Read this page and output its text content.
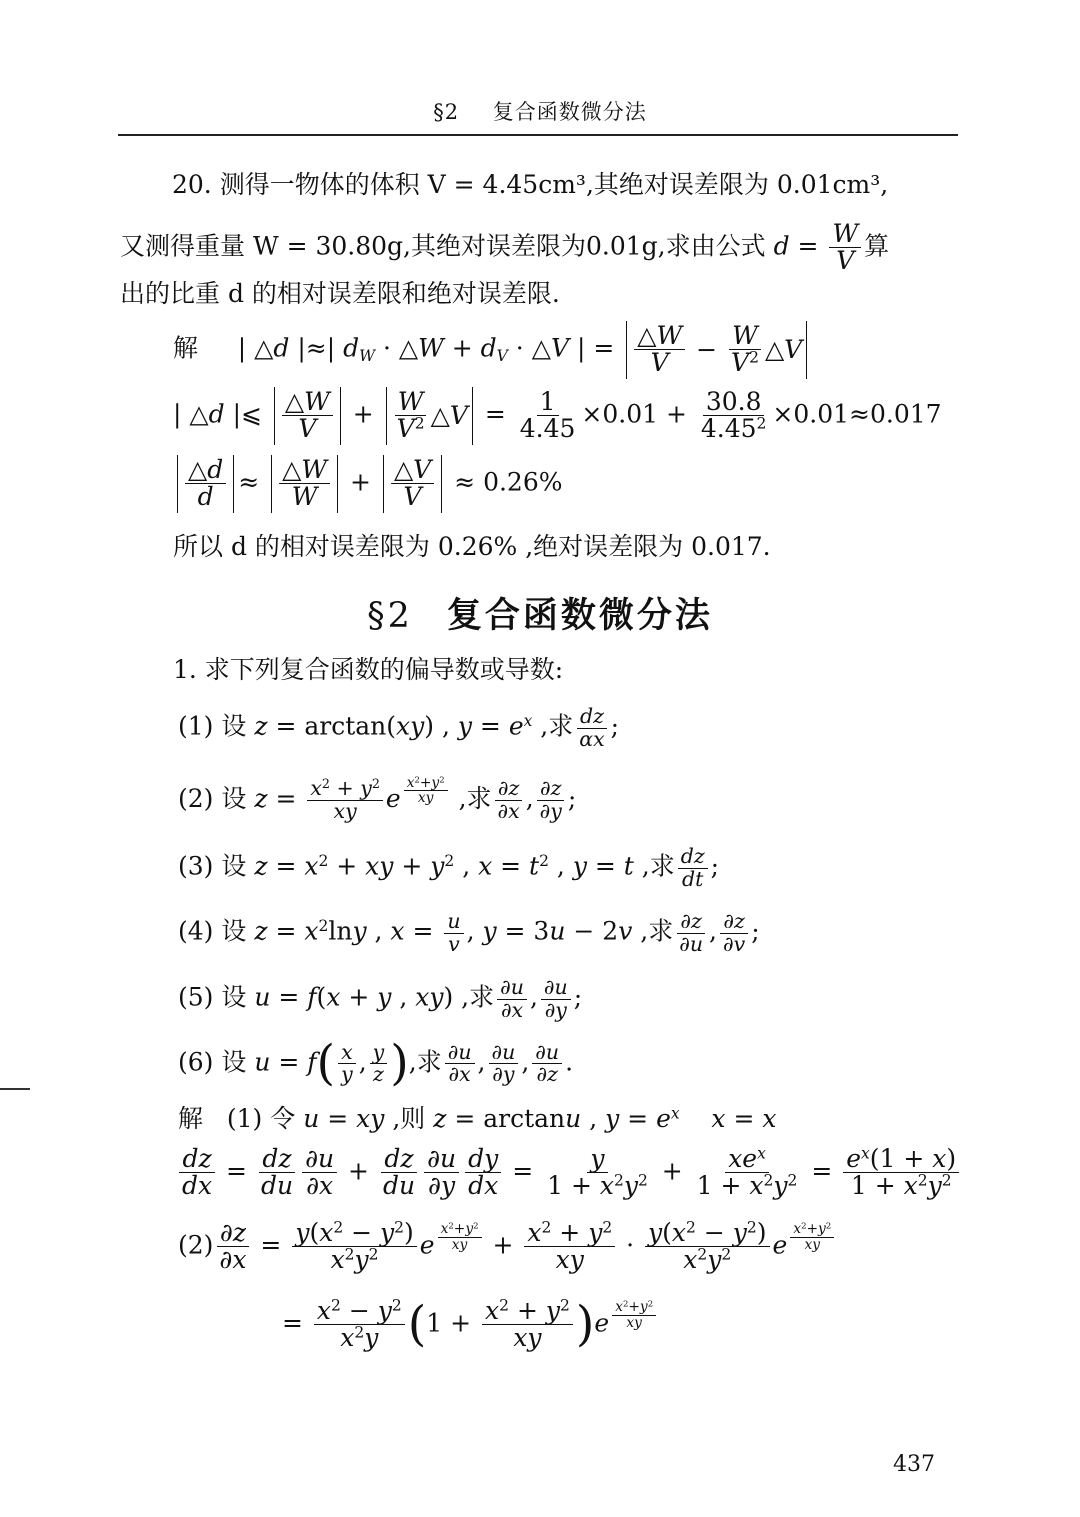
§2 复合函数微分法
20. 测得一物体的体积 V = 4.45cm³,其绝对误差限为 0.01cm³,
又测得重量 W = 30.80g,其绝对误差限为0.01g,求由公式 $d = \frac{W}{V}$ 算
出的比重 d 的相对误差限和绝对误差限.
解     | △d |≈| dW · △W + dV · △V | = △W
V − W
$V^2$ △ V
| △d |⩽ △W
V
+ W
$V^2$ △ $V = \frac{1}{4.45} \times 0.01 + \frac{30.8}{4.45^2} \times 0.01\approx 0.017$
△d
d
≈ △W
W
+ △V
V
≈ 0.26%
所以 d 的相对误差限为 0.26% ,绝对误差限为 0.017.
§2 复合函数微分法
1. 求下列复合函数的偏导数或导数:
(1) 设 z = arctan(xy) , $y = e^x$ ,求 $\frac{dz}{\alpha x}$ ;
(2) 设 $z = \frac{x^2 + y^2}{xy}$ e $\frac{x^2+y^2}{xy}$ ,求 $\frac{\partial z}{\partial x}$ , $\frac{\partial z}{\partial y}$ ;
(3) 设 $z = x^2$ + xy + $y^2$ , $x = t^2$ , y = t ,求 $\frac{dz}{dt}$ ;
(4) 设 $z = x^2\ln y$ , $x = \frac{u}{v}$ , y = 3u − 2v ,求 $\frac{\partial z}{\partial u}$ , $\frac{\partial z}{\partial v}$ ;
(5) 设 u = f(x + y , xy) ,求 $\frac{\partial u}{\partial x}$ , $\frac{\partial u}{\partial y}$ ;
(6) 设 $u = f( \frac{x}{y}$ , $\frac{y}{z}$ ),求 $\frac{\partial u}{\partial x}$ , $\frac{\partial u}{\partial y}$ , $\frac{\partial u}{\partial z}$ .
解 (1) 令 u = xy ,则 z = arctanu , $y = e^x$ x = x
$\frac{dz}{dx} = \frac{dz}{du} \frac{\partial u}{\partial x} + \frac{dz}{du} \frac{\partial u}{\partial y} \frac{dy}{dx} = \frac{y}{1 + x^2y^2} + xe^x$
$1 + x^2y^2 = \frac{e^x(1 + x)}{1 + x^2y^2}$
$(2) \frac{\partial z}{\partial x} = \frac{y(x^2 - y^2)}{x^2y^2}$ e $\frac{x^2+y^2}{xy} + \frac{x^2 + y^2}{xy} \cdot \frac{y(x^2 - y^2)}{x^2y^2}$ e $\frac{x^2+y^2}{xy}$
= $\frac{x^2 - y^2}{x^2y} (1 + \frac{x^2 + y^2}{xy} )e \frac{x^2+y^2}{xy}$
437
